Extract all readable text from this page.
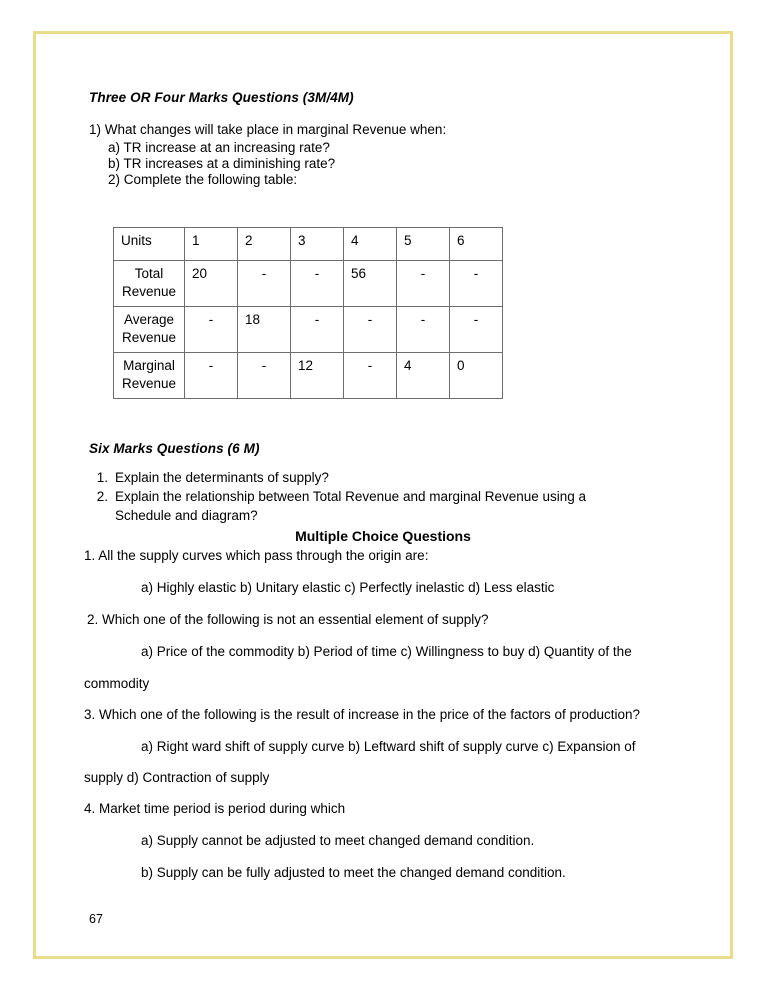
Three OR Four Marks Questions (3M/4M)
1) What changes will take place in marginal Revenue when:
a) TR increase at an increasing rate?
b) TR increases at a diminishing rate?
2) Complete the following table:
Units	1	2	3	4	5	6
Total Revenue	20	-	-	56	-	-
Average Revenue	-	18	-	-	-	-
Marginal Revenue	-	-	12	-	4	0
Six Marks Questions (6 M)
1. Explain the determinants of supply?
2. Explain the relationship between Total Revenue and marginal Revenue using a Schedule and diagram?
Multiple Choice Questions
1. All the supply curves which pass through the origin are:
a) Highly elastic b) Unitary elastic c) Perfectly inelastic d) Less elastic
2. Which one of the following is not an essential element of supply?
a) Price of the commodity b) Period of time c) Willingness to buy d) Quantity of the
commodity
3. Which one of the following is the result of increase in the price of the factors of production?
a) Right ward shift of supply curve b) Leftward shift of supply curve c) Expansion of
supply d) Contraction of supply
4. Market time period is period during which
a) Supply cannot be adjusted to meet changed demand condition.
b) Supply can be fully adjusted to meet the changed demand condition.
67
